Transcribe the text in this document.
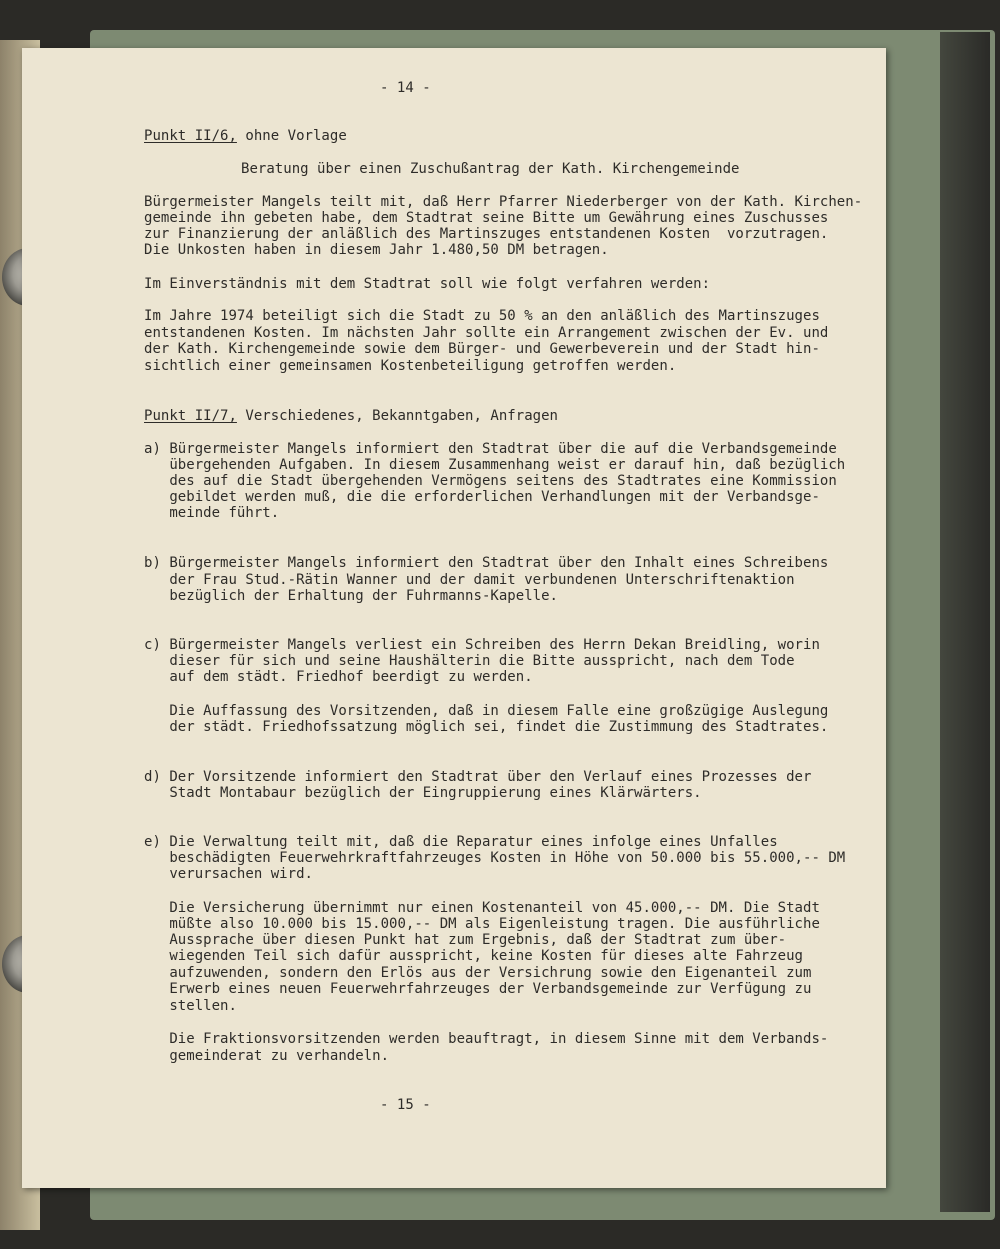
- 14 -
Punkt II/6, ohne Vorlage
Beratung über einen Zuschußantrag der Kath. Kirchengemeinde
Bürgermeister Mangels teilt mit, daß Herr Pfarrer Niederberger von der Kath. Kirchen-
gemeinde ihn gebeten habe, dem Stadtrat seine Bitte um Gewährung eines Zuschusses
zur Finanzierung der anläßlich des Martinszuges entstandenen Kosten  vorzutragen.
Die Unkosten haben in diesem Jahr 1.480,50 DM betragen.
Im Einverständnis mit dem Stadtrat soll wie folgt verfahren werden:
Im Jahre 1974 beteiligt sich die Stadt zu 50 % an den anläßlich des Martinszuges
entstandenen Kosten. Im nächsten Jahr sollte ein Arrangement zwischen der Ev. und
der Kath. Kirchengemeinde sowie dem Bürger- und Gewerbeverein und der Stadt hin-
sichtlich einer gemeinsamen Kostenbeteiligung getroffen werden.
Punkt II/7, Verschiedenes, Bekanntgaben, Anfragen
a) Bürgermeister Mangels informiert den Stadtrat über die auf die Verbandsgemeinde
übergehenden Aufgaben. In diesem Zusammenhang weist er darauf hin, daß bezüglich
des auf die Stadt übergehenden Vermögens seitens des Stadtrates eine Kommission
gebildet werden muß, die die erforderlichen Verhandlungen mit der Verbandsge-
meinde führt.
b) Bürgermeister Mangels informiert den Stadtrat über den Inhalt eines Schreibens
der Frau Stud.-Rätin Wanner und der damit verbundenen Unterschriftenaktion
bezüglich der Erhaltung der Fuhrmanns-Kapelle.
c) Bürgermeister Mangels verliest ein Schreiben des Herrn Dekan Breidling, worin
dieser für sich und seine Haushälterin die Bitte ausspricht, nach dem Tode
auf dem städt. Friedhof beerdigt zu werden.
Die Auffassung des Vorsitzenden, daß in diesem Falle eine großzügige Auslegung
der städt. Friedhofssatzung möglich sei, findet die Zustimmung des Stadtrates.
d) Der Vorsitzende informiert den Stadtrat über den Verlauf eines Prozesses der
Stadt Montabaur bezüglich der Eingruppierung eines Klärwärters.
e) Die Verwaltung teilt mit, daß die Reparatur eines infolge eines Unfalles
beschädigten Feuerwehrkraftfahrzeuges Kosten in Höhe von 50.000 bis 55.000,-- DM
verursachen wird.
Die Versicherung übernimmt nur einen Kostenanteil von 45.000,-- DM. Die Stadt
müßte also 10.000 bis 15.000,-- DM als Eigenleistung tragen. Die ausführliche
Aussprache über diesen Punkt hat zum Ergebnis, daß der Stadtrat zum über-
wiegenden Teil sich dafür ausspricht, keine Kosten für dieses alte Fahrzeug
aufzuwenden, sondern den Erlös aus der Versichrung sowie den Eigenanteil zum
Erwerb eines neuen Feuerwehrfahrzeuges der Verbandsgemeinde zur Verfügung zu
stellen.
Die Fraktionsvorsitzenden werden beauftragt, in diesem Sinne mit dem Verbands-
gemeinderat zu verhandeln.
- 15 -
